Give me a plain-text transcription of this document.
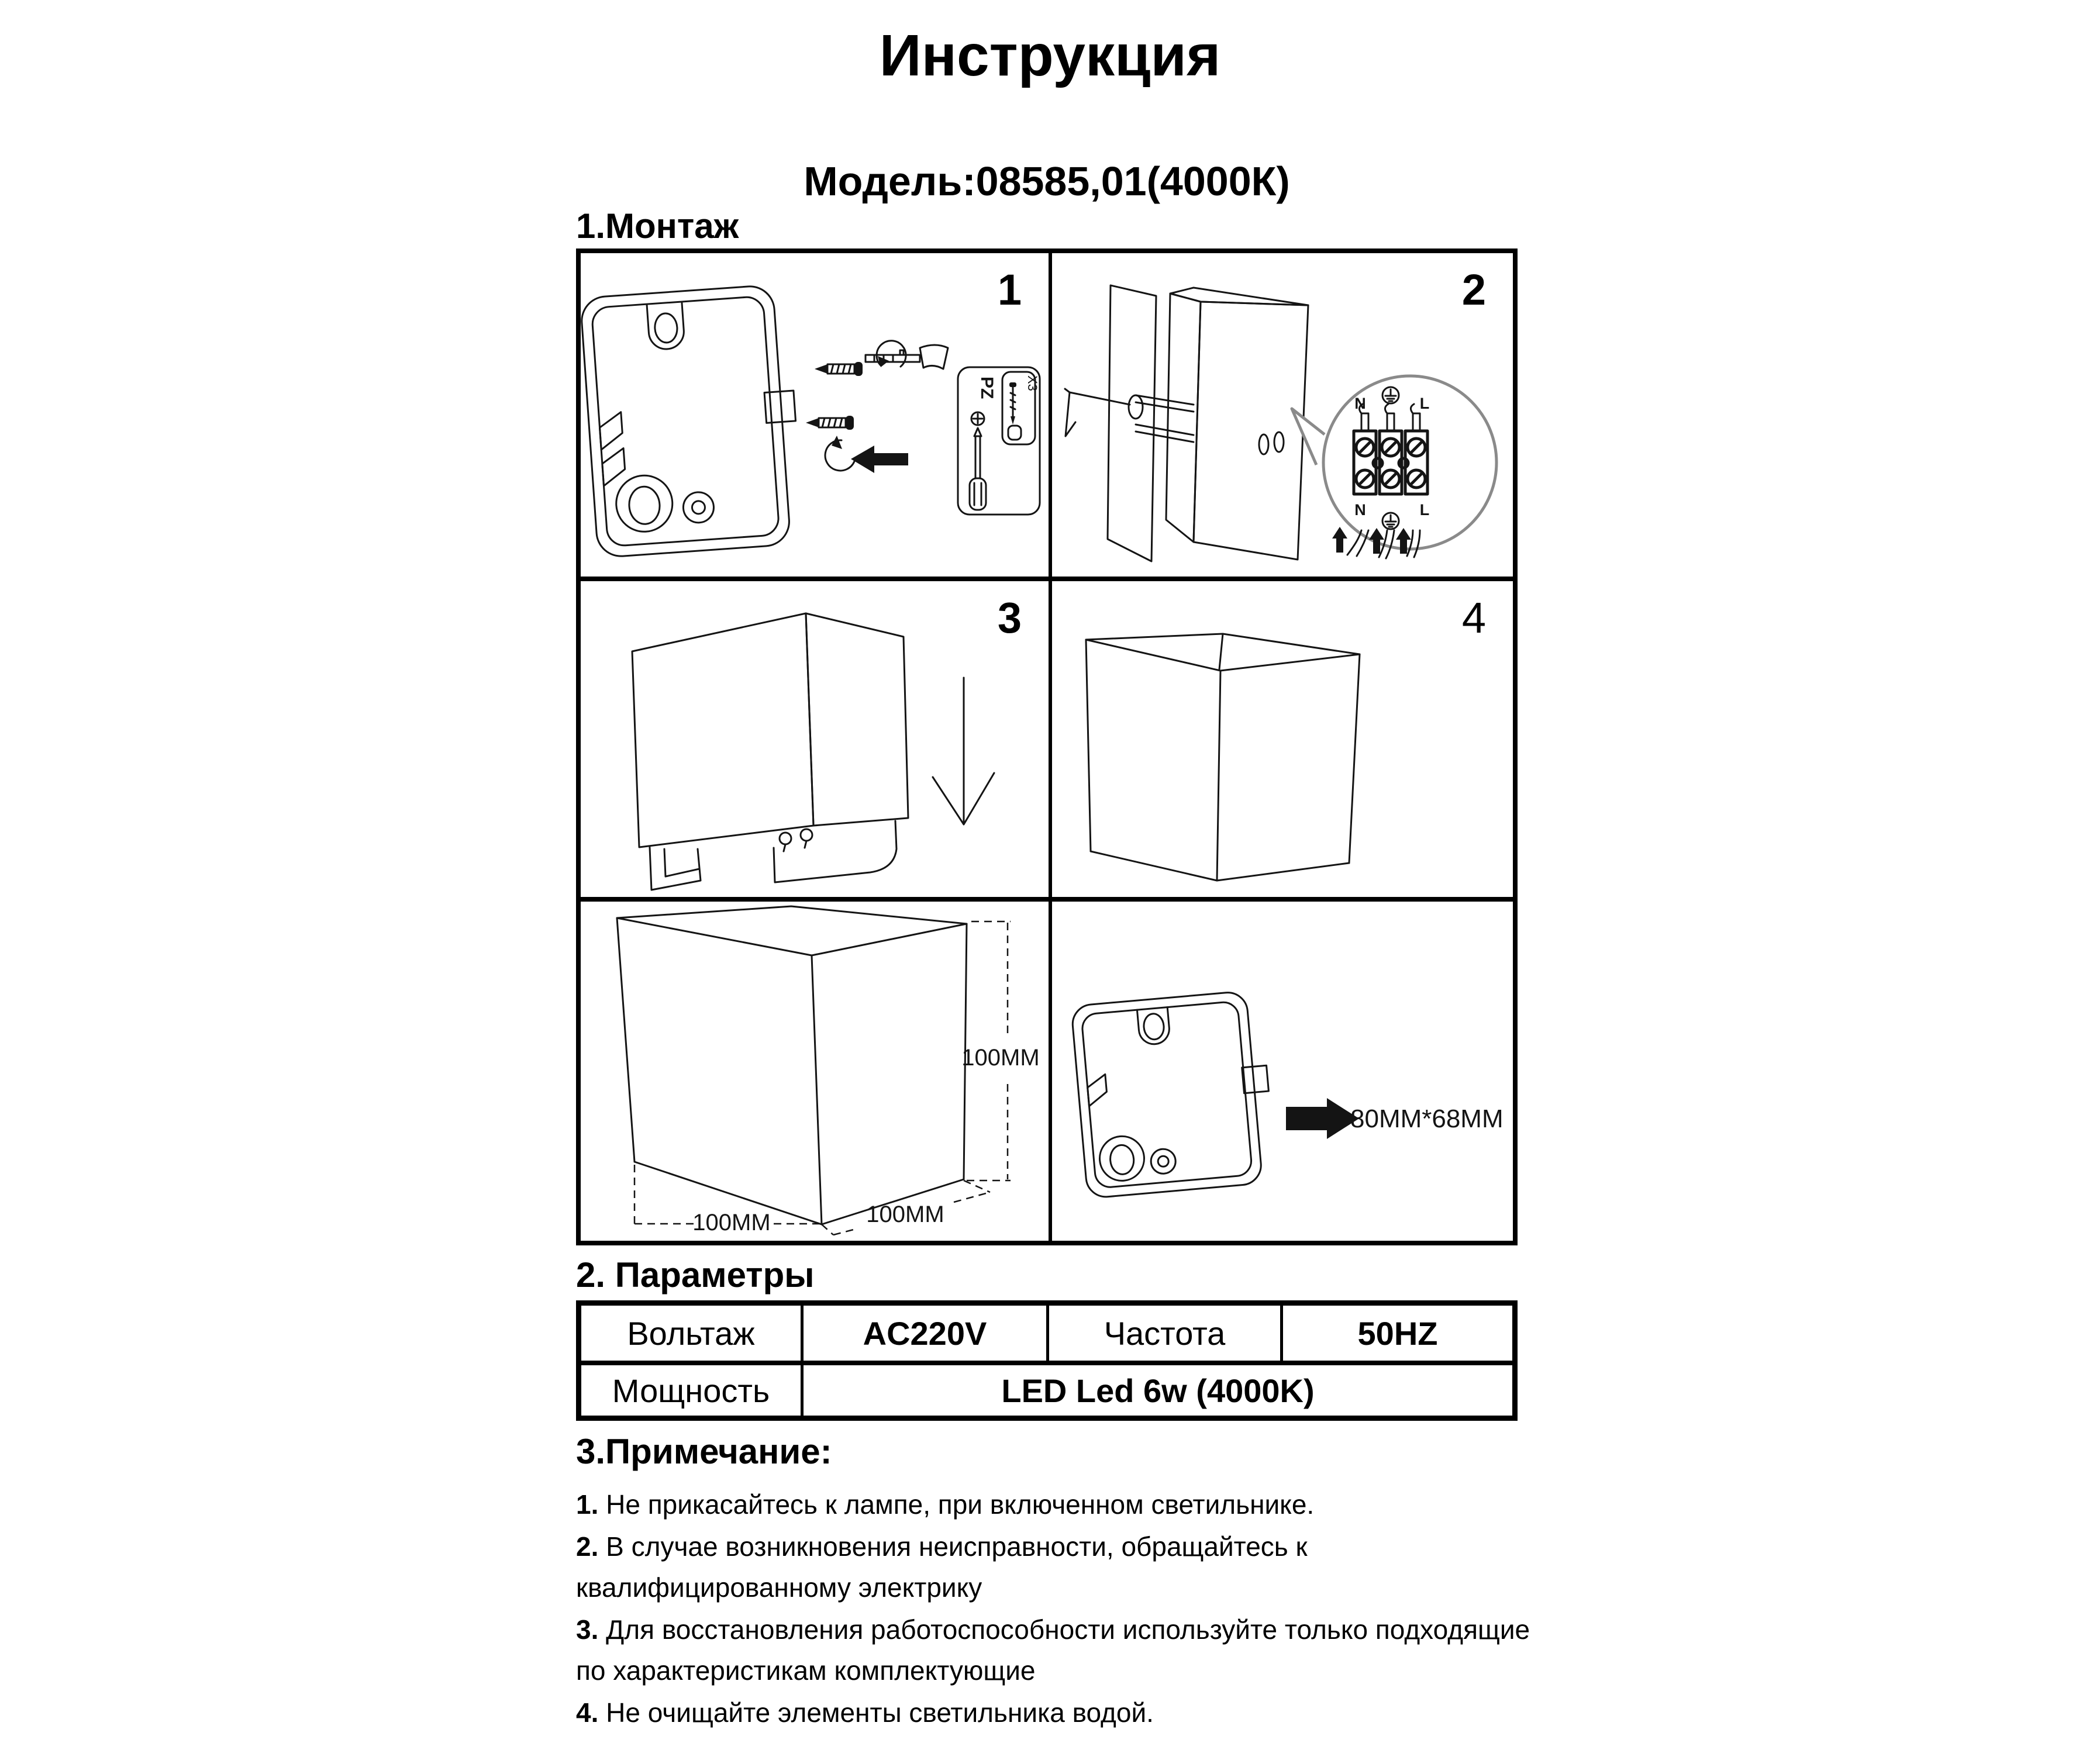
Инструкция
Модель:08585,01(4000К)
1.Монтаж
PZ X3
1
N	L
N	L
2
3	4
100MM
100MM
100MM
80MM*68MM
2. Параметры
Вольтаж	AC220V	Частота	50HZ
Мощность	LED Led 6w (4000K)
3.Примечание:

1. Не прикасайтесь к лампе, при включенном светильнике.

2. В случае возникновения неисправности, обращайтесь к квалифицированному электрику

3. Для восстановления работоспособности используйте только подходящие по характеристикам комплектующие

4. Не очищайте элементы светильника водой.
